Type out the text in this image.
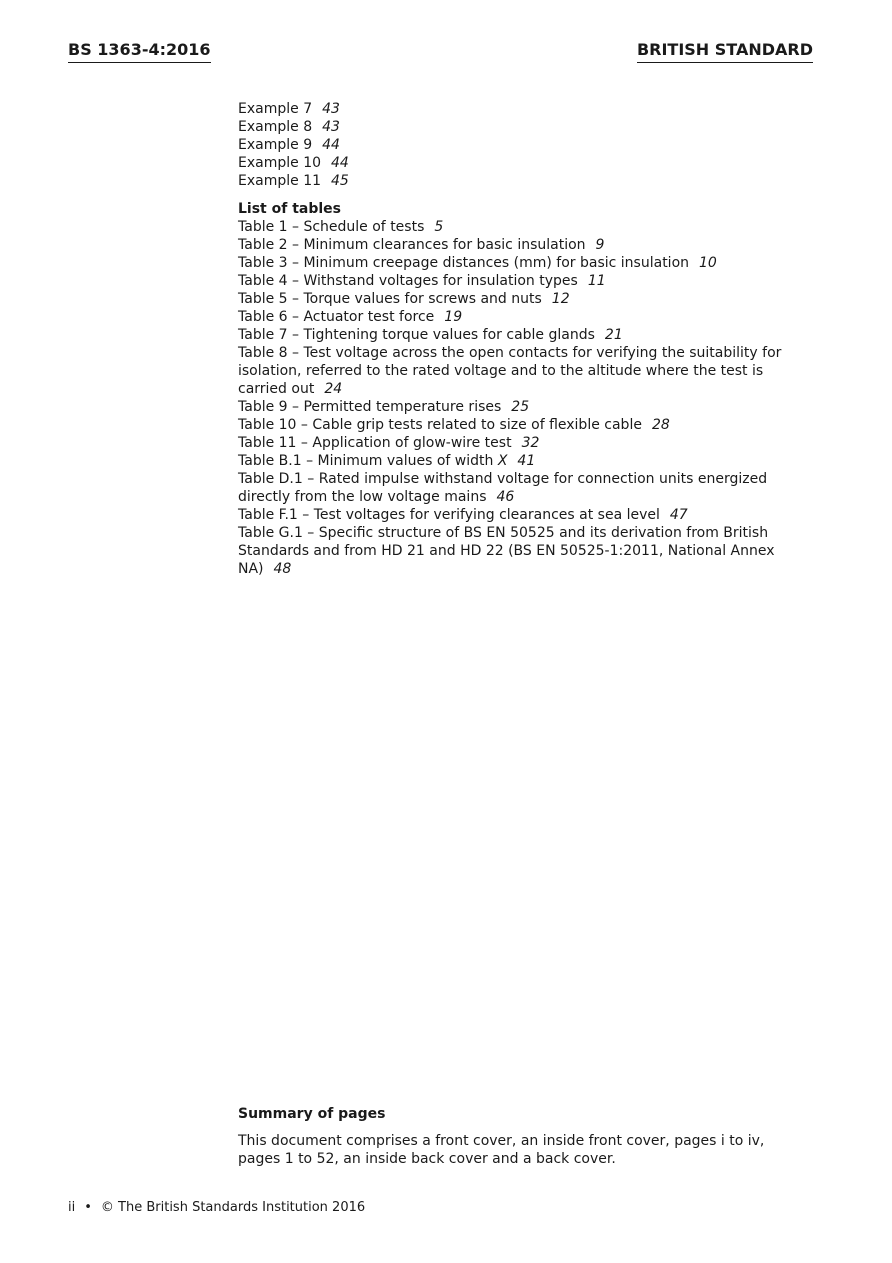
BS 1363-4:2016	BRITISH STANDARD
Example 7 43
Example 8 43
Example 9 44
Example 10 44
Example 11 45
List of tables
Table 1 – Schedule of tests 5
Table 2 – Minimum clearances for basic insulation 9
Table 3 – Minimum creepage distances (mm) for basic insulation 10
Table 4 – Withstand voltages for insulation types 11
Table 5 – Torque values for screws and nuts 12
Table 6 – Actuator test force 19
Table 7 – Tightening torque values for cable glands 21
Table 8 – Test voltage across the open contacts for verifying the suitability for isolation, referred to the rated voltage and to the altitude where the test is carried out 24
Table 9 – Permitted temperature rises 25
Table 10 – Cable grip tests related to size of flexible cable 28
Table 11 – Application of glow-wire test 32
Table B.1 – Minimum values of width X 41
Table D.1 – Rated impulse withstand voltage for connection units energized directly from the low voltage mains 46
Table F.1 – Test voltages for verifying clearances at sea level 47
Table G.1 – Specific structure of BS EN 50525 and its derivation from British Standards and from HD 21 and HD 22 (BS EN 50525-1:2011, National Annex NA) 48
Summary of pages
This document comprises a front cover, an inside front cover, pages i to iv, pages 1 to 52, an inside back cover and a back cover.
ii • © The British Standards Institution 2016
